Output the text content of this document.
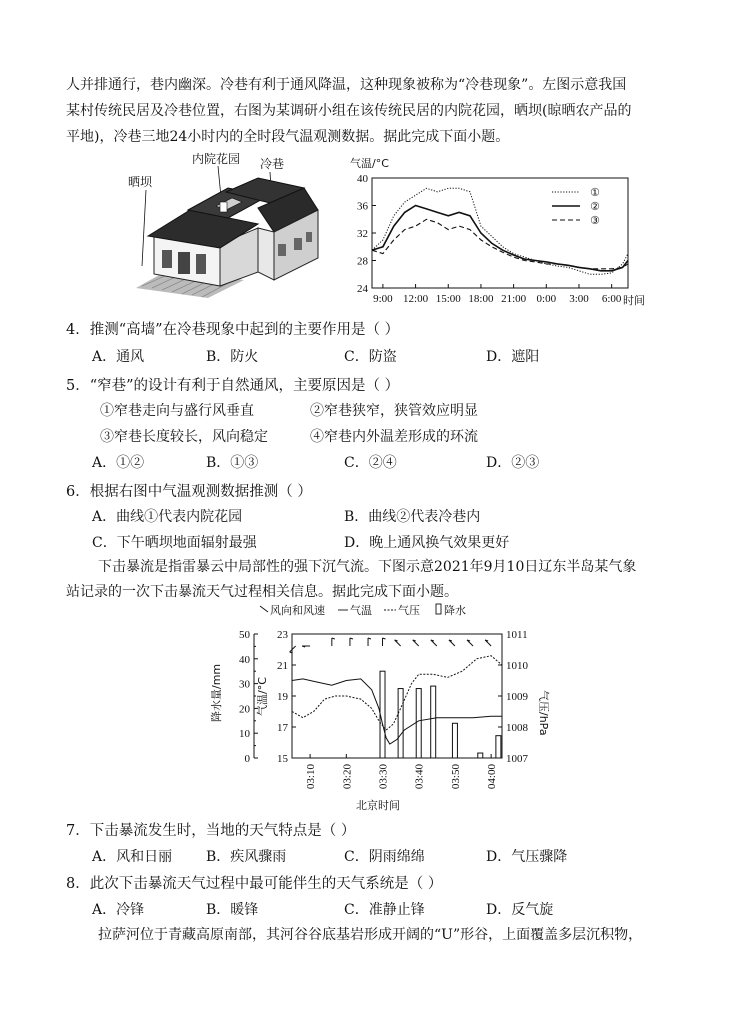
人并排通行，巷内幽深。冷巷有利于通风降温，这种现象被称为“冷巷现象”。左图示意我国
某村传统民居及冷巷位置，右图为某调研小组在该传统民居的内院花园，晒坝(晾晒农产品的
平地)，冷巷三地24小时内的全时段气温观测数据。据此完成下面小题。
内院花园 冷巷
晒坝
气温/°C
时间
①
②
③
24
28
32
36
40
9:00 12:00 15:00 18:00 21:00 0:00 3:00 6:00
4．推测“高墙”在冷巷现象中起到的主要作用是（ ）
A．通风	B．防火	C．防盗	D．遮阳
5．“窄巷”的设计有利于自然通风，主要原因是（ ）
①窄巷走向与盛行风垂直	②窄巷狭窄，狭管效应明显
③窄巷长度较长，风向稳定	④窄巷内外温差形成的环流
A．①②	B．①③	C．②④	D．②③
6．根据右图中气温观测数据推测（ ）
A．曲线①代表内院花园	B．曲线②代表冷巷内
C．下午晒坝地面辐射最强	D．晚上通风换气效果更好
下击暴流是指雷暴云中局部性的强下沉气流。下图示意2021年9月10日辽东半岛某气象
站记录的一次下击暴流天气过程相关信息。据此完成下面小题。
风向和风速 气温 气压 降水
降水量/mm	气温/°C	气压/hPa
北京时间
0
10
20
30
40
50
15
17
19
21
23
1007
1008
1009
1010
1011
03:10 03:20 03:30 03:40 03:50 04:00
7．下击暴流发生时，当地的天气特点是（ ）
A．风和日丽 B．疾风骤雨	C．阴雨绵绵	D．气压骤降
8．此次下击暴流天气过程中最可能伴生的天气系统是（ ）
A．冷锋	B．暖锋	C．准静止锋	D．反气旋
拉萨河位于青藏高原南部，其河谷谷底基岩形成开阔的“U”形谷，上面覆盖多层沉积物，
